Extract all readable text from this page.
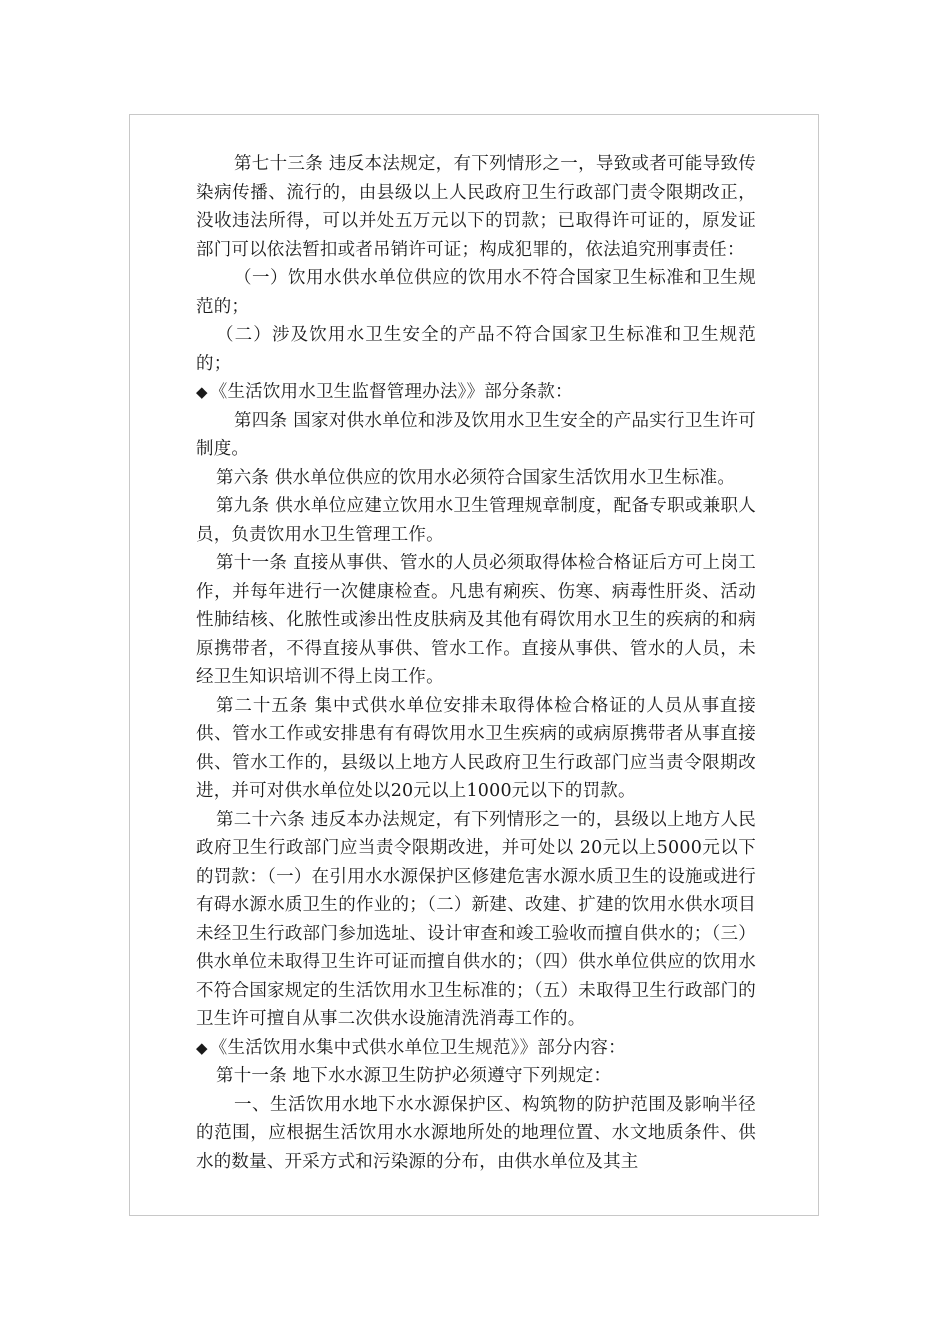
第七十三条 违反本法规定，有下列情形之一，导致或者可能导致传染病传播、流行的，由县级以上人民政府卫生行政部门责令限期改正，没收违法所得，可以并处五万元以下的罚款；已取得许可证的，原发证部门可以依法暂扣或者吊销许可证；构成犯罪的，依法追究刑事责任：

（一）饮用水供水单位供应的饮用水不符合国家卫生标准和卫生规范的；

（二）涉及饮用水卫生安全的产品不符合国家卫生标准和卫生规范的；

◆ 《生活饮用水卫生监督管理办法》》部分条款：

第四条 国家对供水单位和涉及饮用水卫生安全的产品实行卫生许可制度。

第六条 供水单位供应的饮用水必须符合国家生活饮用水卫生标准。

第九条 供水单位应建立饮用水卫生管理规章制度，配备专职或兼职人员，负责饮用水卫生管理工作。

第十一条 直接从事供、管水的人员必须取得体检合格证后方可上岗工作，并每年进行一次健康检查。凡患有痢疾、伤寒、病毒性肝炎、活动性肺结核、化脓性或渗出性皮肤病及其他有碍饮用水卫生的疾病的和病原携带者，不得直接从事供、管水工作。直接从事供、管水的人员，未经卫生知识培训不得上岗工作。

第二十五条 集中式供水单位安排未取得体检合格证的人员从事直接供、管水工作或安排患有有碍饮用水卫生疾病的或病原携带者从事直接供、管水工作的，县级以上地方人民政府卫生行政部门应当责令限期改进，并可对供水单位处以20元以上1000元以下的罚款。

第二十六条 违反本办法规定，有下列情形之一的，县级以上地方人民政府卫生行政部门应当责令限期改进，并可处以 20元以上5000元以下的罚款：（一）在引用水水源保护区修建危害水源水质卫生的设施或进行有碍水源水质卫生的作业的；（二）新建、改建、扩建的饮用水供水项目未经卫生行政部门参加选址、设计审查和竣工验收而擅自供水的；（三）供水单位未取得卫生许可证而擅自供水的；（四）供水单位供应的饮用水不符合国家规定的生活饮用水卫生标准的；（五）未取得卫生行政部门的卫生许可擅自从事二次供水设施清洗消毒工作的。

◆ 《生活饮用水集中式供水单位卫生规范》》部分内容：

第十一条 地下水水源卫生防护必须遵守下列规定：

一、生活饮用水地下水水源保护区、构筑物的防护范围及影响半径的范围，应根据生活饮用水水源地所处的地理位置、水文地质条件、供水的数量、开采方式和污染源的分布，由供水单位及其主
